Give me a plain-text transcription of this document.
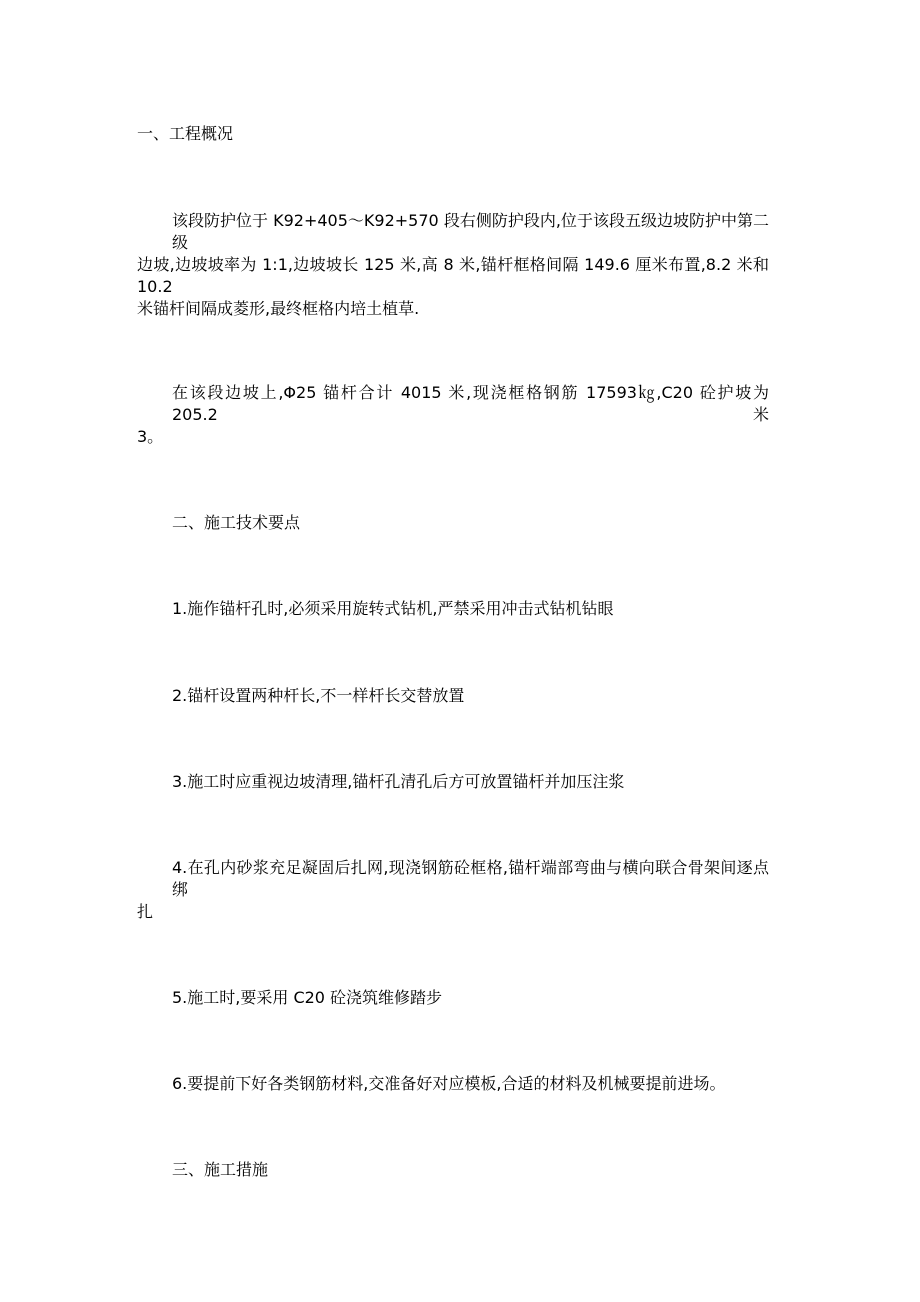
一、工程概况

该段防护位于 K92+405～K92+570 段右侧防护段内,位于该段五级边坡防护中第二级

边坡,边坡坡率为 1:1,边坡坡长 125 米,高 8 米,锚杆框格间隔 149.6 厘米布置,8.2 米和 10.2

米锚杆间隔成菱形,最终框格内培土植草.

在该段边坡上,Φ25 锚杆合计 4015 米,现浇框格钢筋 17593㎏,C20 砼护坡为 205.2 米

3。

二、施工技术要点

1.施作锚杆孔时,必须采用旋转式钻机,严禁采用冲击式钻机钻眼

2.锚杆设置两种杆长,不一样杆长交替放置

3.施工时应重视边坡清理,锚杆孔清孔后方可放置锚杆并加压注浆

4.在孔内砂浆充足凝固后扎网,现浇钢筋砼框格,锚杆端部弯曲与横向联合骨架间逐点绑

扎

5.施工时,要采用 C20 砼浇筑维修踏步

6.要提前下好各类钢筋材料,交准备好对应模板,合适的材料及机械要提前进场。

三、施工措施
